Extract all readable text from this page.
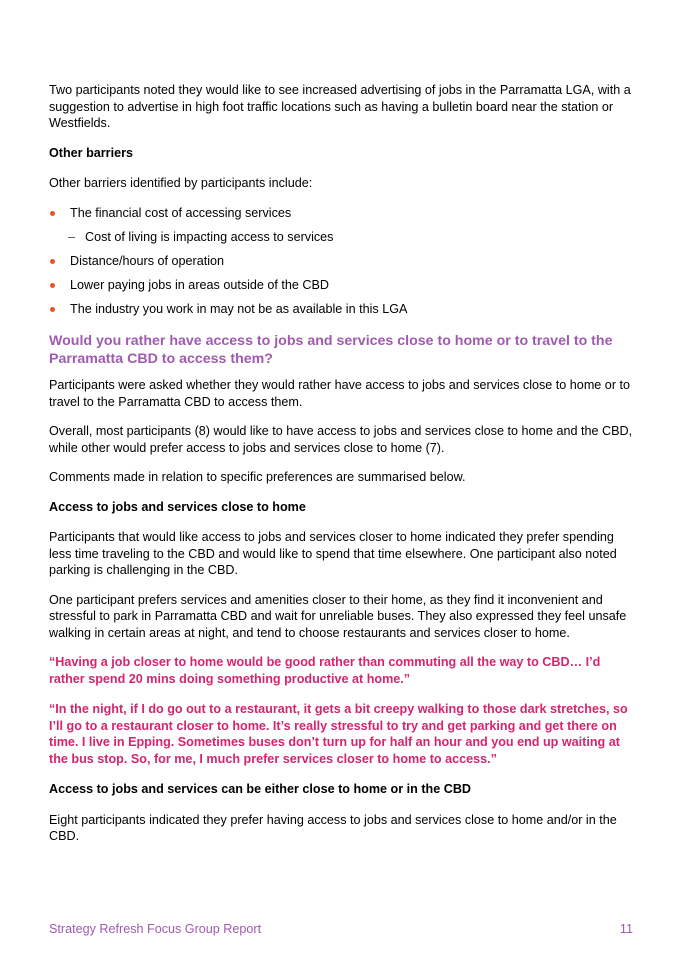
Two participants noted they would like to see increased advertising of jobs in the Parramatta LGA, with a suggestion to advertise in high foot traffic locations such as having a bulletin board near the station or Westfields.

Other barriers

Other barriers identified by participants include:

The financial cost of accessing services
– Cost of living is impacting access to services
Distance/hours of operation
Lower paying jobs in areas outside of the CBD
The industry you work in may not be as available in this LGA

Would you rather have access to jobs and services close to home or to travel to the Parramatta CBD to access them?

Participants were asked whether they would rather have access to jobs and services close to home or to travel to the Parramatta CBD to access them.

Overall, most participants (8) would like to have access to jobs and services close to home and the CBD, while other would prefer access to jobs and services close to home (7).

Comments made in relation to specific preferences are summarised below.

Access to jobs and services close to home

Participants that would like access to jobs and services closer to home indicated they prefer spending less time traveling to the CBD and would like to spend that time elsewhere. One participant also noted parking is challenging in the CBD.

One participant prefers services and amenities closer to their home, as they find it inconvenient and stressful to park in Parramatta CBD and wait for unreliable buses. They also expressed they feel unsafe walking in certain areas at night, and tend to choose restaurants and services closer to home.

“Having a job closer to home would be good rather than commuting all the way to CBD… I’d rather spend 20 mins doing something productive at home.”

“In the night, if I do go out to a restaurant, it gets a bit creepy walking to those dark stretches, so I’ll go to a restaurant closer to home. It’s really stressful to try and get parking and get there on time. I live in Epping. Sometimes buses don’t turn up for half an hour and you end up waiting at the bus stop. So, for me, I much prefer services closer to home to access.”

Access to jobs and services can be either close to home or in the CBD

Eight participants indicated they prefer having access to jobs and services close to home and/or in the CBD.

Strategy Refresh Focus Group Report	11
